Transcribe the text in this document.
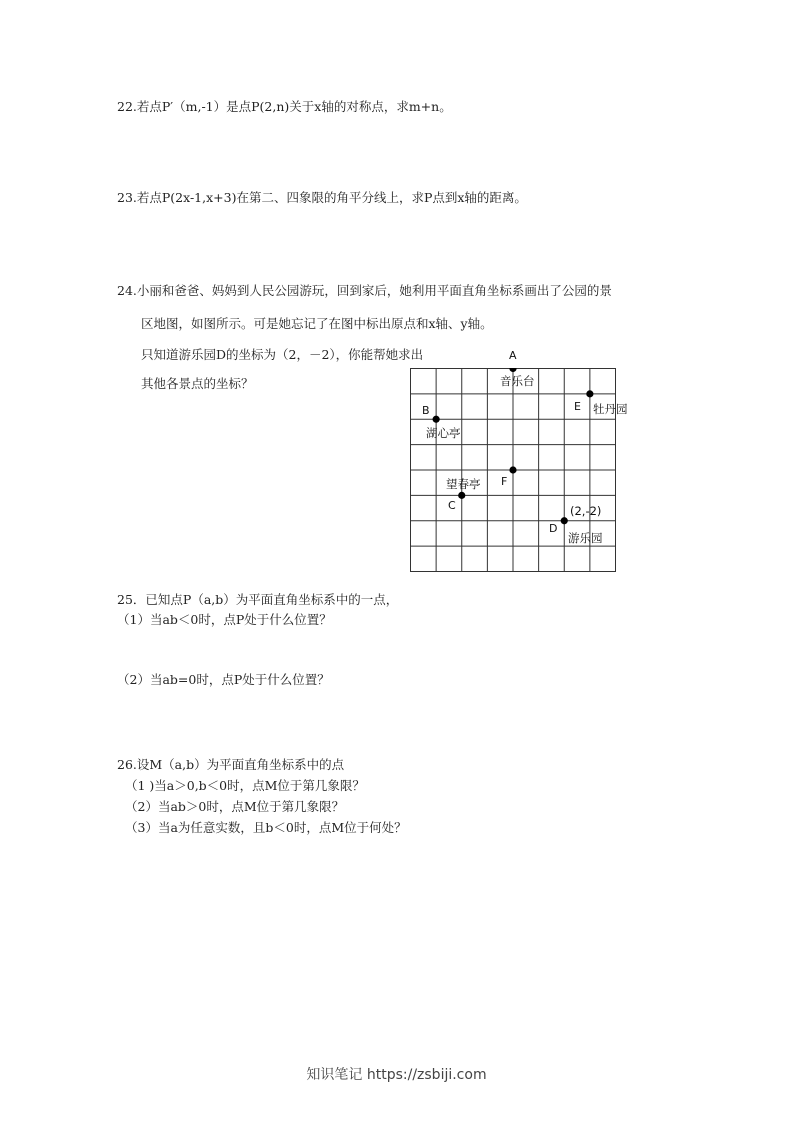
22.若点P′（m,-1）是点P(2,n)关于x轴的对称点，求m+n。
23.若点P(2x-1,x+3)在第二、四象限的角平分线上，求P点到x轴的距离。
24.小丽和爸爸、妈妈到人民公园游玩，回到家后，她利用平面直角坐标系画出了公园的景
区地图，如图所示。可是她忘记了在图中标出原点和x轴、y轴。
只知道游乐园D的坐标为（2，－2），你能帮她求出
其他各景点的坐标？
A
音乐台
E 牡丹园
B
湖心亭
F
望春亭
C	(2,-2)
D
游乐园
25．已知点P（a,b）为平面直角坐标系中的一点，
（1）当ab＜0时，点P处于什么位置？
（2）当ab=0时，点P处于什么位置？
26.设M（a,b）为平面直角坐标系中的点
（1 )当a＞0,b＜0时，点M位于第几象限？
（2）当ab＞0时，点M位于第几象限？
（3）当a为任意实数，且b＜0时，点M位于何处？
知识笔记 https://zsbiji.com
